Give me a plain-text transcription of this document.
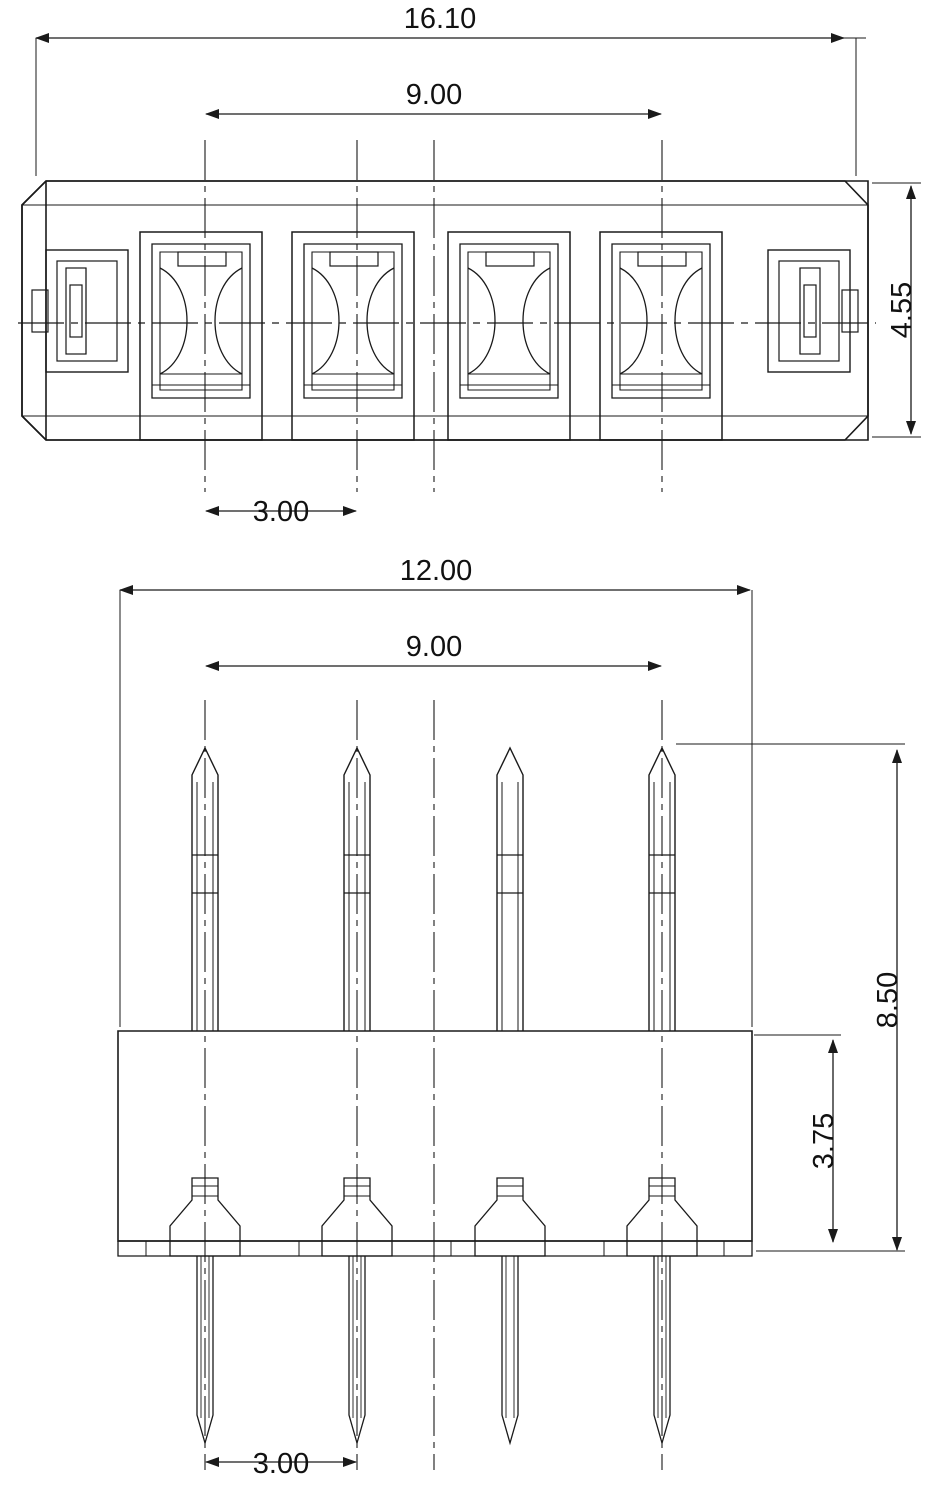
16.10
9.00
3.00
4.55
12.00
9.00
8.50
3.75
3.00
